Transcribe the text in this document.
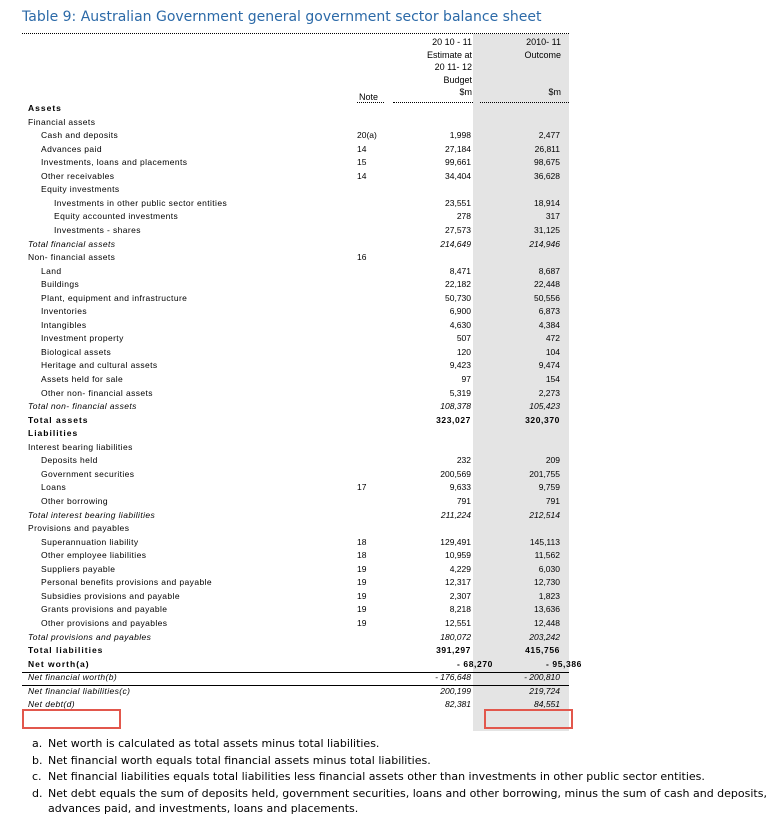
Table 9: Australian Government general government sector balance sheet
20 10 - 11
Estimate at
20 11- 12
Budget
$m
2010- 11
Outcome
$m
Note
Assets
Financial assets
Cash and deposits	20(a)	1,998	2,477
Advances paid	14	27,184	26,811
Investments, loans and placements	15	99,661	98,675
Other receivables	14	34,404	36,628
Equity investments
Investments in other public sector entities	23,551	18,914
Equity accounted investments	278	317
Investments - shares	27,573	31,125
Total financial assets	214,649	214,946
Non- financial assets	16
Land	8,471	8,687
Buildings	22,182	22,448
Plant, equipment and infrastructure	50,730	50,556
Inventories	6,900	6,873
Intangibles	4,630	4,384
Investment property	507	472
Biological assets	120	104
Heritage and cultural assets	9,423	9,474
Assets held for sale	97	154
Other non- financial assets	5,319	2,273
Total non- financial assets	108,378	105,423
Total assets	323,027	320,370
Liabilities
Interest bearing liabilities
Deposits held	232	209
Government securities	200,569	201,755
Loans	17	9,633	9,759
Other borrowing	791	791
Total interest bearing liabilities	211,224	212,514
Provisions and payables
Superannuation liability	18	129,491	145,113
Other employee liabilities	18	10,959	11,562
Suppliers payable	19	4,229	6,030
Personal benefits provisions and payable	19	12,317	12,730
Subsidies provisions and payable	19	2,307	1,823
Grants provisions and payable	19	8,218	13,636
Other provisions and payables	19	12,551	12,448
Total provisions and payables	180,072	203,242
Total liabilities	391,297	415,756
Net worth(a)	- 68,270	- 95,386
Net financial worth(b)	- 176,648	- 200,810
Net financial liabilities(c)	200,199	219,724
Net debt(d)	82,381	84,551
a. Net worth is calculated as total assets minus total liabilities.
b. Net financial worth equals total financial assets minus total liabilities.
c. Net financial liabilities equals total liabilities less financial assets other than investments in other public sector entities.
d. Net debt equals the sum of deposits held, government securities, loans and other borrowing, minus the sum of cash and deposits, advances paid, and investments, loans and placements.
